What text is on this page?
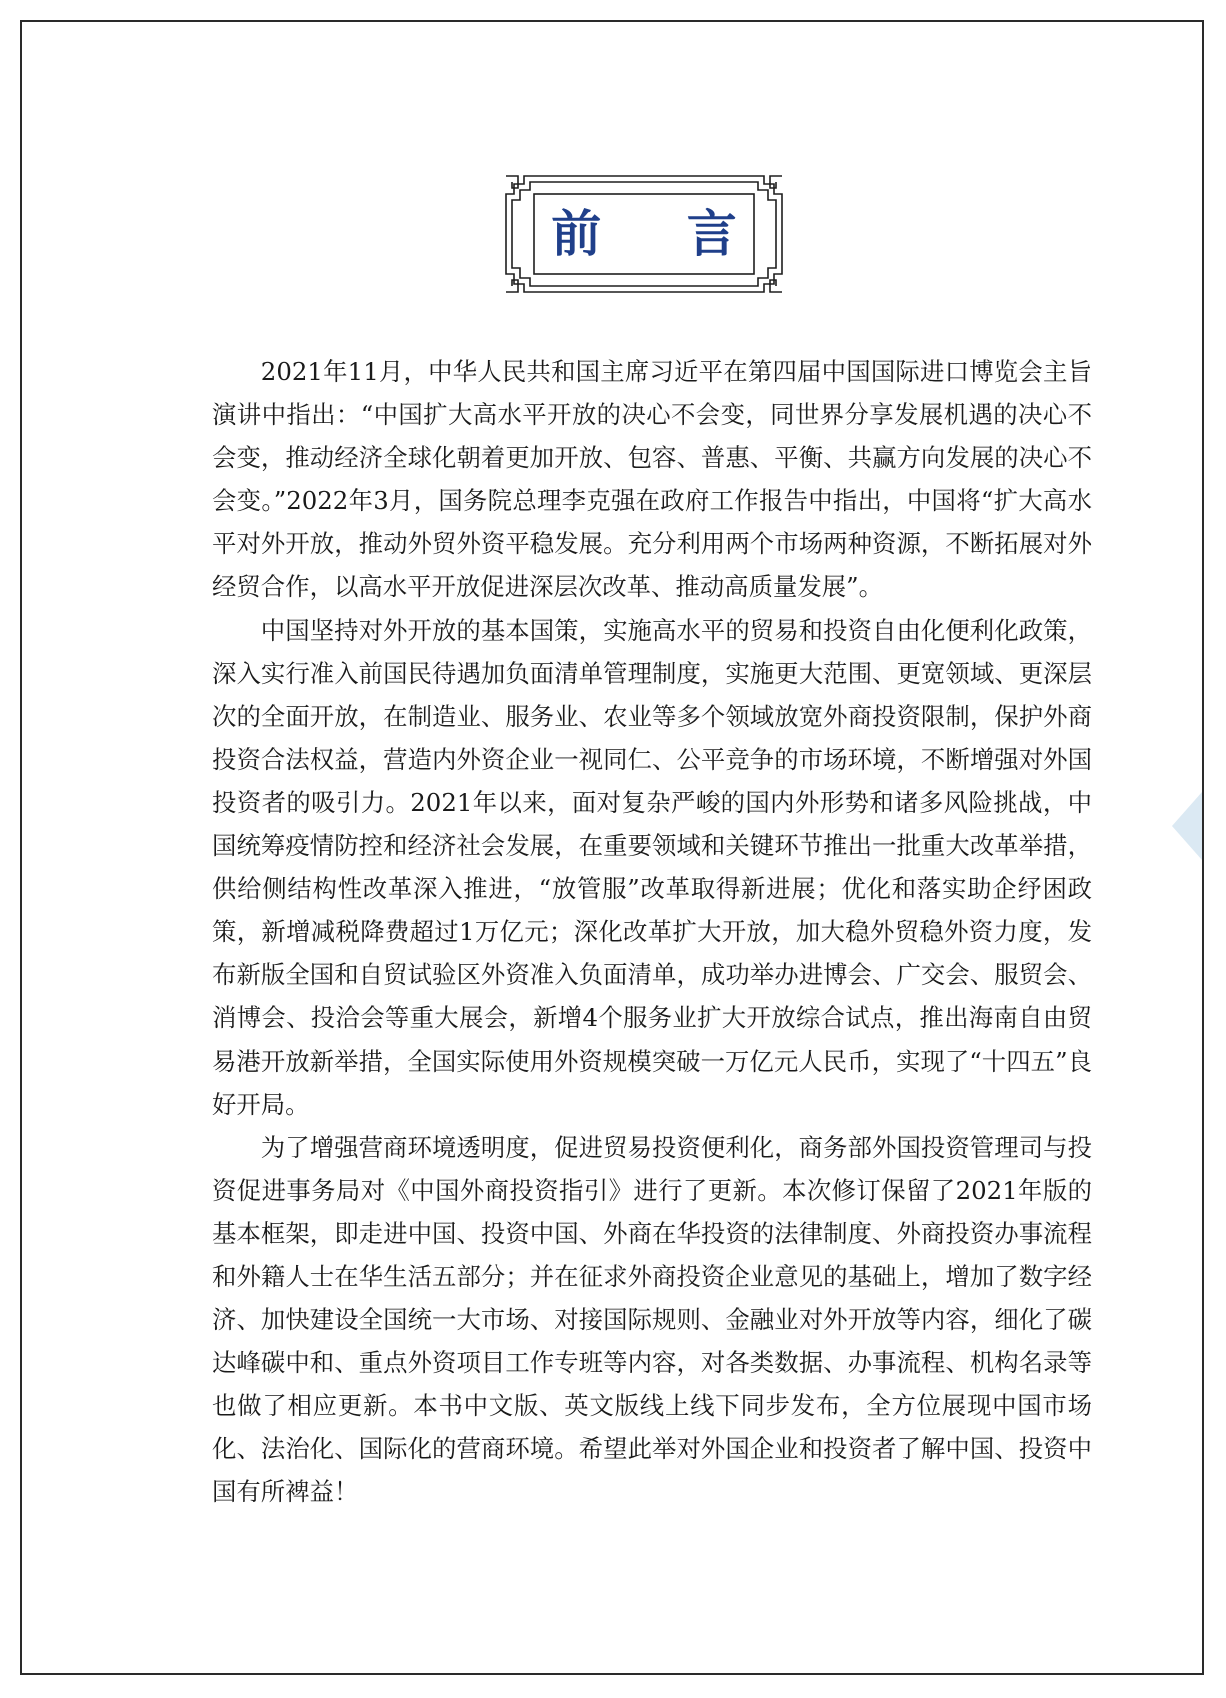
前 言

2021年11月，中华人民共和国主席习近平在第四届中国国际进口博览会主旨演讲中指出：“中国扩大高水平开放的决心不会变，同世界分享发展机遇的决心不会变，推动经济全球化朝着更加开放、包容、普惠、平衡、共赢方向发展的决心不会变。”2022年3月，国务院总理李克强在政府工作报告中指出，中国将“扩大高水平对外开放，推动外贸外资平稳发展。充分利用两个市场两种资源，不断拓展对外经贸合作，以高水平开放促进深层次改革、推动高质量发展”。

中国坚持对外开放的基本国策，实施高水平的贸易和投资自由化便利化政策，深入实行准入前国民待遇加负面清单管理制度，实施更大范围、更宽领域、更深层次的全面开放，在制造业、服务业、农业等多个领域放宽外商投资限制，保护外商投资合法权益，营造内外资企业一视同仁、公平竞争的市场环境，不断增强对外国投资者的吸引力。2021年以来，面对复杂严峻的国内外形势和诸多风险挑战，中国统筹疫情防控和经济社会发展，在重要领域和关键环节推出一批重大改革举措，供给侧结构性改革深入推进，“放管服”改革取得新进展；优化和落实助企纾困政策，新增减税降费超过1万亿元；深化改革扩大开放，加大稳外贸稳外资力度，发布新版全国和自贸试验区外资准入负面清单，成功举办进博会、广交会、服贸会、消博会、投洽会等重大展会，新增4个服务业扩大开放综合试点，推出海南自由贸易港开放新举措，全国实际使用外资规模突破一万亿元人民币，实现了“十四五”良好开局。

为了增强营商环境透明度，促进贸易投资便利化，商务部外国投资管理司与投资促进事务局对《中国外商投资指引》进行了更新。本次修订保留了2021年版的基本框架，即走进中国、投资中国、外商在华投资的法律制度、外商投资办事流程和外籍人士在华生活五部分；并在征求外商投资企业意见的基础上，增加了数字经济、加快建设全国统一大市场、对接国际规则、金融业对外开放等内容，细化了碳达峰碳中和、重点外资项目工作专班等内容，对各类数据、办事流程、机构名录等也做了相应更新。本书中文版、英文版线上线下同步发布，全方位展现中国市场化、法治化、国际化的营商环境。希望此举对外国企业和投资者了解中国、投资中国有所裨益！
